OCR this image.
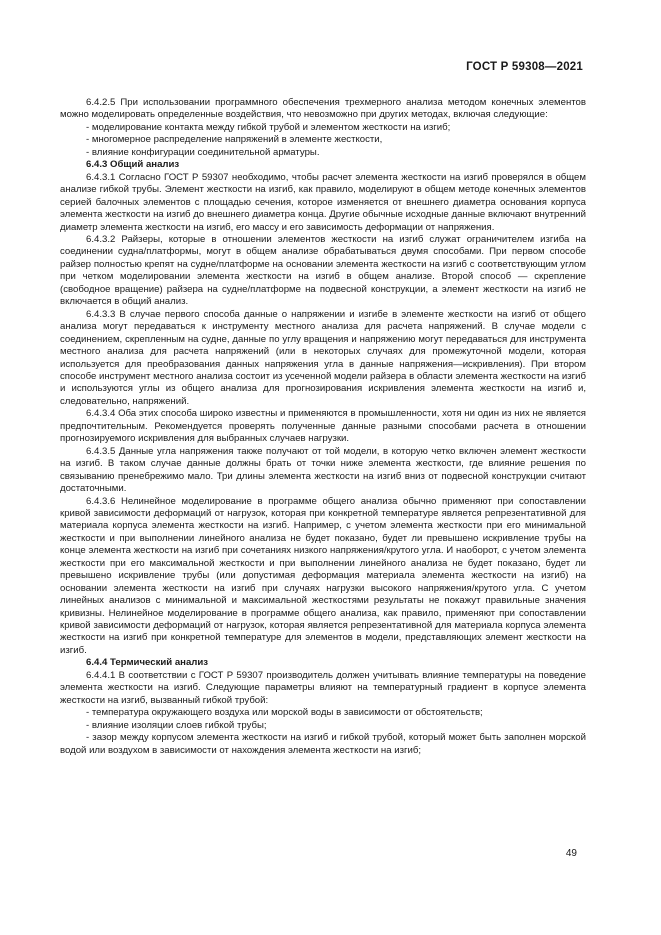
ГОСТ Р 59308—2021

6.4.2.5 При использовании программного обеспечения трехмерного анализа методом конечных элементов можно моделировать определенные воздействия, что невозможно при других методах, включая следующие:

- моделирование контакта между гибкой трубой и элементом жесткости на изгиб;

- многомерное распределение напряжений в элементе жесткости,

- влияние конфигурации соединительной арматуры.

6.4.3 Общий анализ

6.4.3.1 Согласно ГОСТ Р 59307 необходимо, чтобы расчет элемента жесткости на изгиб проверялся в общем анализе гибкой трубы. Элемент жесткости на изгиб, как правило, моделируют в общем методе конечных элементов серией балочных элементов с площадью сечения, которое изменяется от внешнего диаметра основания корпуса элемента жесткости на изгиб до внешнего диаметра конца. Другие обычные исходные данные включают внутренний диаметр элемента жесткости на изгиб, его массу и его зависимость деформации от напряжения.

6.4.3.2 Райзеры, которые в отношении элементов жесткости на изгиб служат ограничителем изгиба на соединении судна/платформы, могут в общем анализе обрабатываться двумя способами. При первом способе райзер полностью крепят на судне/платформе на основании элемента жесткости на изгиб с соответствующим углом при четком моделировании элемента жесткости на изгиб в общем анализе. Второй способ — скрепление (свободное вращение) райзера на судне/платформе на подвесной конструкции, а элемент жесткости на изгиб не включается в общий анализ.

6.4.3.3 В случае первого способа данные о напряжении и изгибе в элементе жесткости на изгиб от общего анализа могут передаваться к инструменту местного анализа для расчета напряжений. В случае модели с соединением, скрепленным на судне, данные по углу вращения и напряжению могут передаваться для инструмента местного анализа для расчета напряжений (или в некоторых случаях для промежуточной модели, которая используется для преобразования данных напряжения угла в данные напряжения—искривления). При втором способе инструмент местного анализа состоит из усеченной модели райзера в области элемента жесткости на изгиб и используются углы из общего анализа для прогнозирования искривления элемента жесткости на изгиб и, следовательно, напряжений.

6.4.3.4 Оба этих способа широко известны и применяются в промышленности, хотя ни один из них не является предпочтительным. Рекомендуется проверять полученные данные разными способами расчета в отношении прогнозируемого искривления для выбранных случаев нагрузки.

6.4.3.5 Данные угла напряжения также получают от той модели, в которую четко включен элемент жесткости на изгиб. В таком случае данные должны брать от точки ниже элемента жесткости, где влияние решения по связыванию пренебрежимо мало. Три длины элемента жесткости на изгиб вниз от подвесной конструкции считают достаточными.

6.4.3.6 Нелинейное моделирование в программе общего анализа обычно применяют при сопоставлении кривой зависимости деформаций от нагрузок, которая при конкретной температуре является репрезентативной для материала корпуса элемента жесткости на изгиб. Например, с учетом элемента жесткости при его минимальной жесткости и при выполнении линейного анализа не будет показано, будет ли превышено искривление трубы на конце элемента жесткости на изгиб при сочетаниях низкого напряжения/крутого угла. И наоборот, с учетом элемента жесткости при его максимальной жесткости и при выполнении линейного анализа не будет показано, будет ли превышено искривление трубы (или допустимая деформация материала элемента жесткости на изгиб) на основании элемента жесткости на изгиб при случаях нагрузки высокого напряжения/крутого угла. С учетом линейных анализов с минимальной и максимальной жесткостями результаты не покажут правильные значения кривизны. Нелинейное моделирование в программе общего анализа, как правило, применяют при сопоставлении кривой зависимости деформаций от нагрузок, которая является репрезентативной для материала корпуса элемента жесткости на изгиб при конкретной температуре для элементов в модели, представляющих элемент жесткости на изгиб.

6.4.4 Термический анализ

6.4.4.1 В соответствии с ГОСТ Р 59307 производитель должен учитывать влияние температуры на поведение элемента жесткости на изгиб. Следующие параметры влияют на температурный градиент в корпусе элемента жесткости на изгиб, вызванный гибкой трубой:

- температура окружающего воздуха или морской воды в зависимости от обстоятельств;

- влияние изоляции слоев гибкой трубы;

- зазор между корпусом элемента жесткости на изгиб и гибкой трубой, который может быть заполнен морской водой или воздухом в зависимости от нахождения элемента жесткости на изгиб;

49
